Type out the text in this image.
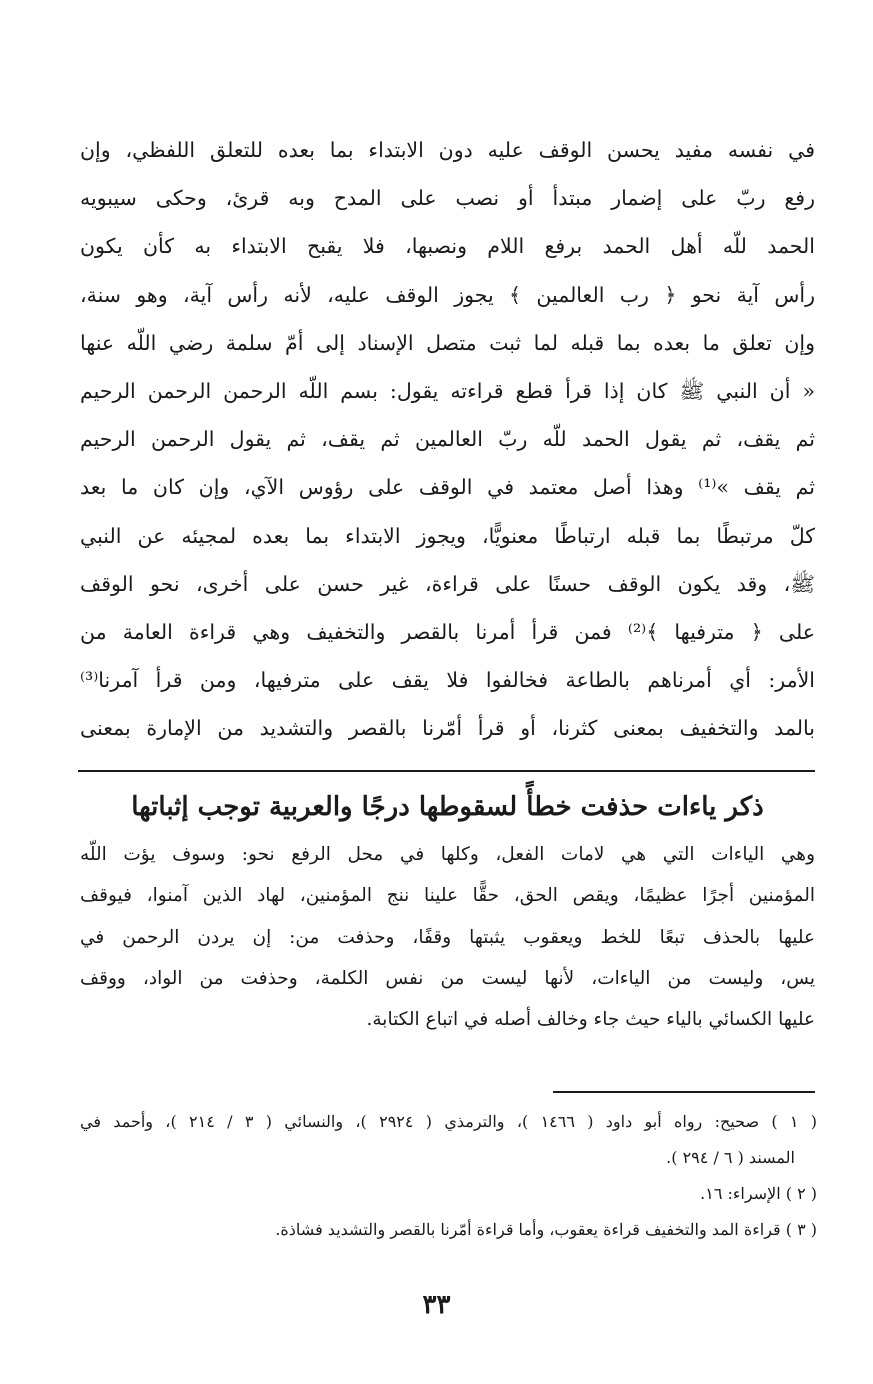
في نفسه مفيد يحسن الوقف عليه دون الابتداء بما بعده للتعلق اللفظي، وإن
رفع ربّ على إضمار مبتدأ أو نصب على المدح وبه قرئ، وحكى سيبويه
الحمد للّه أهل الحمد برفع اللام ونصبها، فلا يقبح الابتداء به كأن يكون
رأس آية نحو ﴿ رب العالمين ﴾ يجوز الوقف عليه، لأنه رأس آية، وهو سنة،
وإن تعلق ما بعده بما قبله لما ثبت متصل الإسناد إلى أمّ سلمة رضي اللّه عنها
« أن النبي ﷺ كان إذا قرأ قطع قراءته يقول: بسم اللّه الرحمن الرحمن الرحيم
ثم يقف، ثم يقول الحمد للّه ربّ العالمين ثم يقف، ثم يقول الرحمن الرحيم
ثم يقف »⁽¹⁾ وهذا أصل معتمد في الوقف على رؤوس الآي، وإن كان ما بعد
كلّ مرتبطًا بما قبله ارتباطًا معنويًّا، ويجوز الابتداء بما بعده لمجيئه عن النبي
ﷺ، وقد يكون الوقف حسنًا على قراءة، غير حسن على أخرى، نحو الوقف
على ﴿ مترفيها ﴾⁽²⁾ فمن قرأ أمرنا بالقصر والتخفيف وهي قراءة العامة من
الأمر: أي أمرناهم بالطاعة فخالفوا فلا يقف على مترفيها، ومن قرأ آمرنا⁽³⁾
بالمد والتخفيف بمعنى كثرنا، أو قرأ أمّرنا بالقصر والتشديد من الإمارة بمعنى
ذكر ياءات حذفت خطأً لسقوطها درجًا والعربية توجب إثباتها
وهي الياءات التي هي لامات الفعل، وكلها في محل الرفع نحو: وسوف يؤت اللّه
المؤمنين أجرًا عظيمًا، ويقص الحق، حقًّا علينا ننج المؤمنين، لهاد الذين آمنوا، فيوقف
عليها بالحذف تبعًا للخط ويعقوب يثبتها وقفًا، وحذفت من: إن يردن الرحمن في
يس، وليست من الياءات، لأنها ليست من نفس الكلمة، وحذفت من الواد، ووقف
عليها الكسائي بالياء حيث جاء وخالف أصله في اتباع الكتابة.
( ١ ) صحيح: رواه أبو داود ( ١٤٦٦ )، والترمذي ( ٢٩٢٤ )، والنسائي ( ٣ / ٢١٤ )، وأحمد في
المسند ( ٦ / ٢٩٤ ).
( ٢ ) الإسراء: ١٦.
( ٣ ) قراءة المد والتخفيف قراءة يعقوب، وأما قراءة أمّرنا بالقصر والتشديد فشاذة.
٣٣
